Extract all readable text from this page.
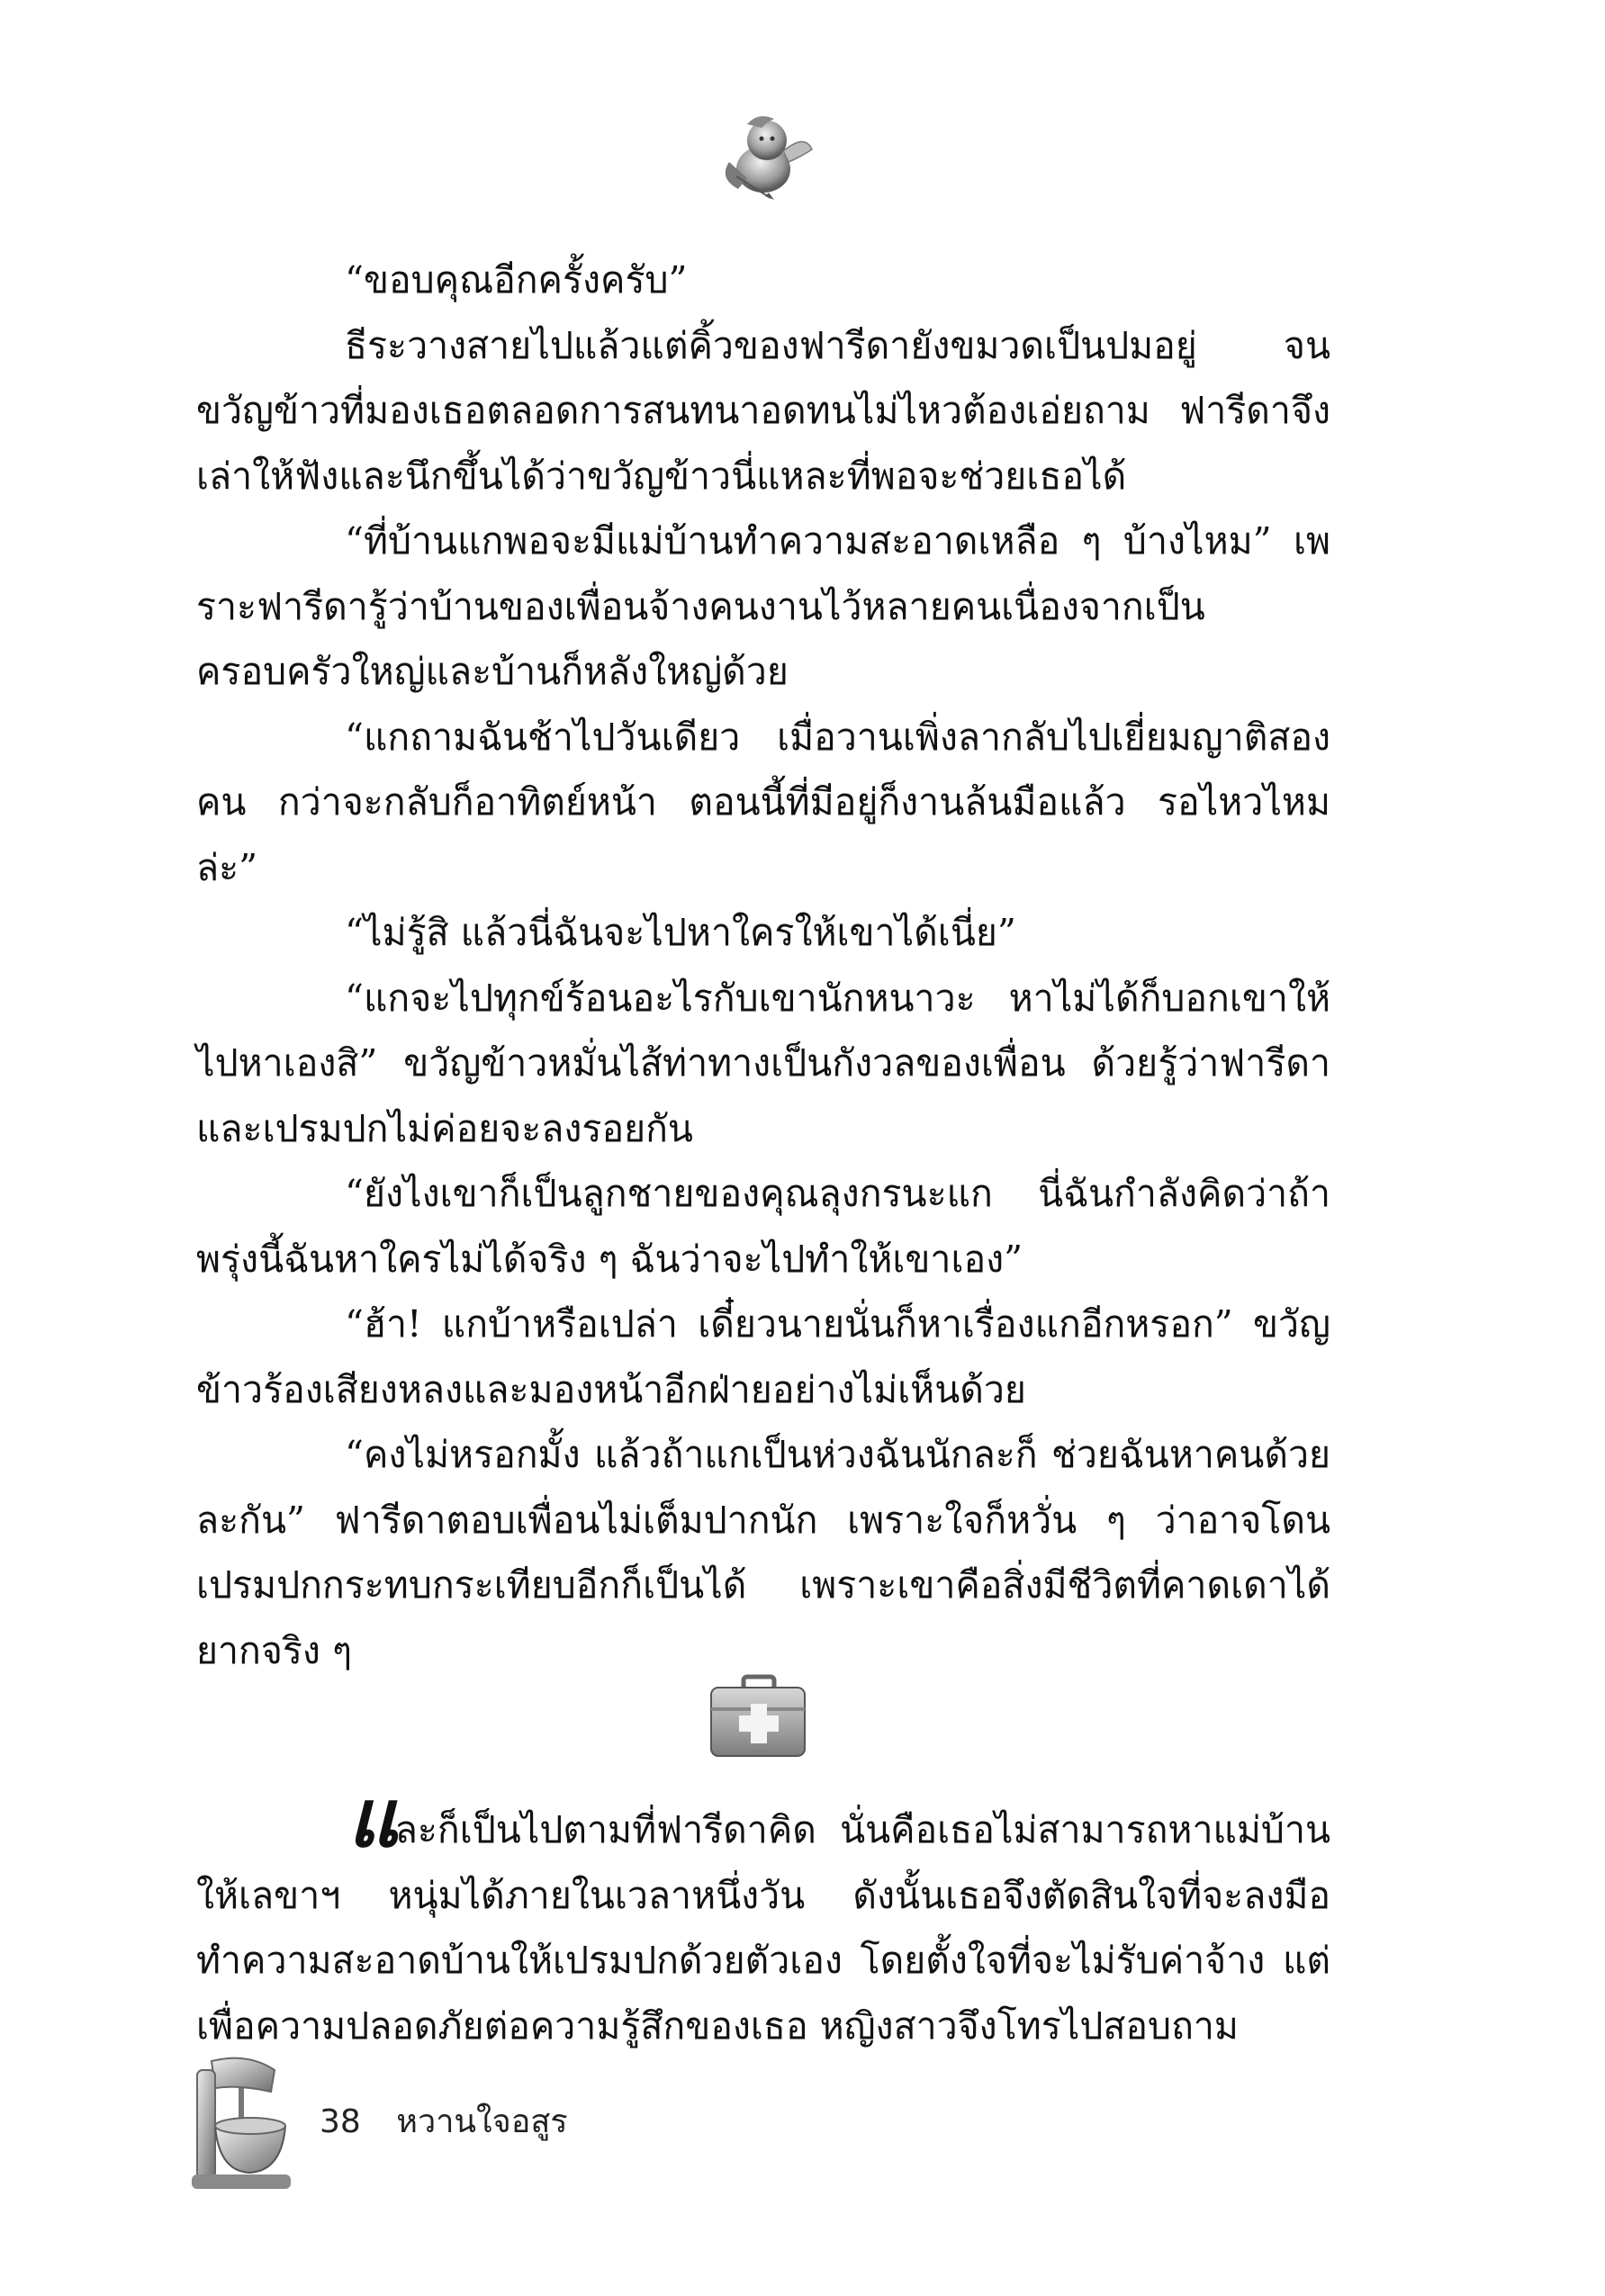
“ขอบคุณอีกครั้งครับ”

ธีระวางสายไปแล้วแต่คิ้วของฟารีดายังขมวดเป็นปมอยู่ จนขวัญข้าวที่มองเธอตลอดการสนทนาอดทนไม่ไหวต้องเอ่ยถาม ฟารีดาจึงเล่าให้ฟังและนึกขึ้นได้ว่าขวัญข้าวนี่แหละที่พอจะช่วยเธอได้

“ที่บ้านแกพอจะมีแม่บ้านทำความสะอาดเหลือ ๆ บ้างไหม” เพราะฟารีดารู้ว่าบ้านของเพื่อนจ้างคนงานไว้หลายคนเนื่องจากเป็นครอบครัวใหญ่และบ้านก็หลังใหญ่ด้วย

“แกถามฉันช้าไปวันเดียว เมื่อวานเพิ่งลากลับไปเยี่ยมญาติสองคน กว่าจะกลับก็อาทิตย์หน้า ตอนนี้ที่มีอยู่ก็งานล้นมือแล้ว รอไหวไหมล่ะ”

“ไม่รู้สิ แล้วนี่ฉันจะไปหาใครให้เขาได้เนี่ย”

“แกจะไปทุกข์ร้อนอะไรกับเขานักหนาวะ หาไม่ได้ก็บอกเขาให้ไปหาเองสิ” ขวัญข้าวหมั่นไส้ท่าทางเป็นกังวลของเพื่อน ด้วยรู้ว่าฟารีดาและเปรมปกไม่ค่อยจะลงรอยกัน

“ยังไงเขาก็เป็นลูกชายของคุณลุงกรนะแก นี่ฉันกำลังคิดว่าถ้าพรุ่งนี้ฉันหาใครไม่ได้จริง ๆ ฉันว่าจะไปทำให้เขาเอง”

“ฮ้า! แกบ้าหรือเปล่า เดี๋ยวนายนั่นก็หาเรื่องแกอีกหรอก” ขวัญข้าวร้องเสียงหลงและมองหน้าอีกฝ่ายอย่างไม่เห็นด้วย

“คงไม่หรอกมั้ง แล้วถ้าแกเป็นห่วงฉันนักละก็ ช่วยฉันหาคนด้วยละกัน” ฟารีดาตอบเพื่อนไม่เต็มปากนัก เพราะใจก็หวั่น ๆ ว่าอาจโดนเปรมปกกระทบกระเทียบอีกก็เป็นได้ เพราะเขาคือสิ่งมีชีวิตที่คาดเดาได้ยากจริง ๆ

และก็เป็นไปตามที่ฟารีดาคิด นั่นคือเธอไม่สามารถหาแม่บ้านให้เลขาฯ หนุ่มได้ภายในเวลาหนึ่งวัน ดังนั้นเธอจึงตัดสินใจที่จะลงมือทำความสะอาดบ้านให้เปรมปกด้วยตัวเอง โดยตั้งใจที่จะไม่รับค่าจ้าง แต่เพื่อความปลอดภัยต่อความรู้สึกของเธอ หญิงสาวจึงโทรไปสอบถาม

38 หวานใจอสูร
